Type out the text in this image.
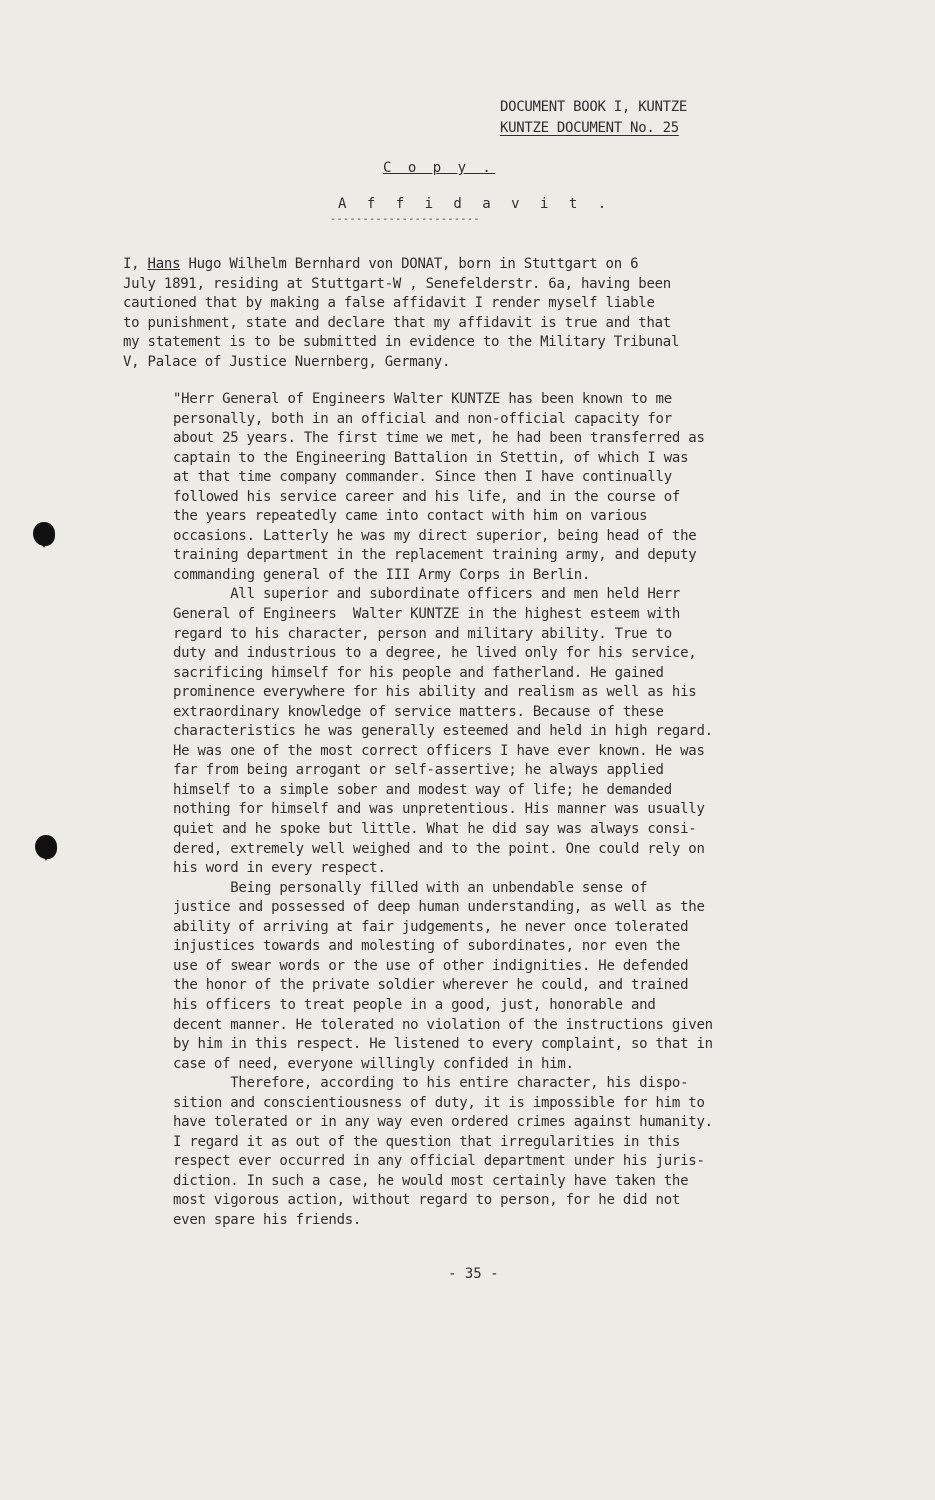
DOCUMENT BOOK I, KUNTZE
KUNTZE DOCUMENT No. 25
C o p y .
A f f i d a v i t .
-----------------------
I, Hans Hugo Wilhelm Bernhard von DONAT, born in Stuttgart on 6
July 1891, residing at Stuttgart-W , Senefelderstr. 6a, having been
cautioned that by making a false affidavit I render myself liable
to punishment, state and declare that my affidavit is true and that
my statement is to be submitted in evidence to the Military Tribunal
V, Palace of Justice Nuernberg, Germany.
"Herr General of Engineers Walter KUNTZE has been known to me
personally, both in an official and non-official capacity for
about 25 years. The first time we met, he had been transferred as
captain to the Engineering Battalion in Stettin, of which I was
at that time company commander. Since then I have continually
followed his service career and his life, and in the course of
the years repeatedly came into contact with him on various
occasions. Latterly he was my direct superior, being head of the
training department in the replacement training army, and deputy
commanding general of the III Army Corps in Berlin.
All superior and subordinate officers and men held Herr
General of Engineers  Walter KUNTZE in the highest esteem with
regard to his character, person and military ability. True to
duty and industrious to a degree, he lived only for his service,
sacrificing himself for his people and fatherland. He gained
prominence everywhere for his ability and realism as well as his
extraordinary knowledge of service matters. Because of these
characteristics he was generally esteemed and held in high regard.
He was one of the most correct officers I have ever known. He was
far from being arrogant or self-assertive; he always applied
himself to a simple sober and modest way of life; he demanded
nothing for himself and was unpretentious. His manner was usually
quiet and he spoke but little. What he did say was always consi-
dered, extremely well weighed and to the point. One could rely on
his word in every respect.
Being personally filled with an unbendable sense of
justice and possessed of deep human understanding, as well as the
ability of arriving at fair judgements, he never once tolerated
injustices towards and molesting of subordinates, nor even the
use of swear words or the use of other indignities. He defended
the honor of the private soldier wherever he could, and trained
his officers to treat people in a good, just, honorable and
decent manner. He tolerated no violation of the instructions given
by him in this respect. He listened to every complaint, so that in
case of need, everyone willingly confided in him.
Therefore, according to his entire character, his dispo-
sition and conscientiousness of duty, it is impossible for him to
have tolerated or in any way even ordered crimes against humanity.
I regard it as out of the question that irregularities in this
respect ever occurred in any official department under his juris-
diction. In such a case, he would most certainly have taken the
most vigorous action, without regard to person, for he did not
even spare his friends.
- 35 -
